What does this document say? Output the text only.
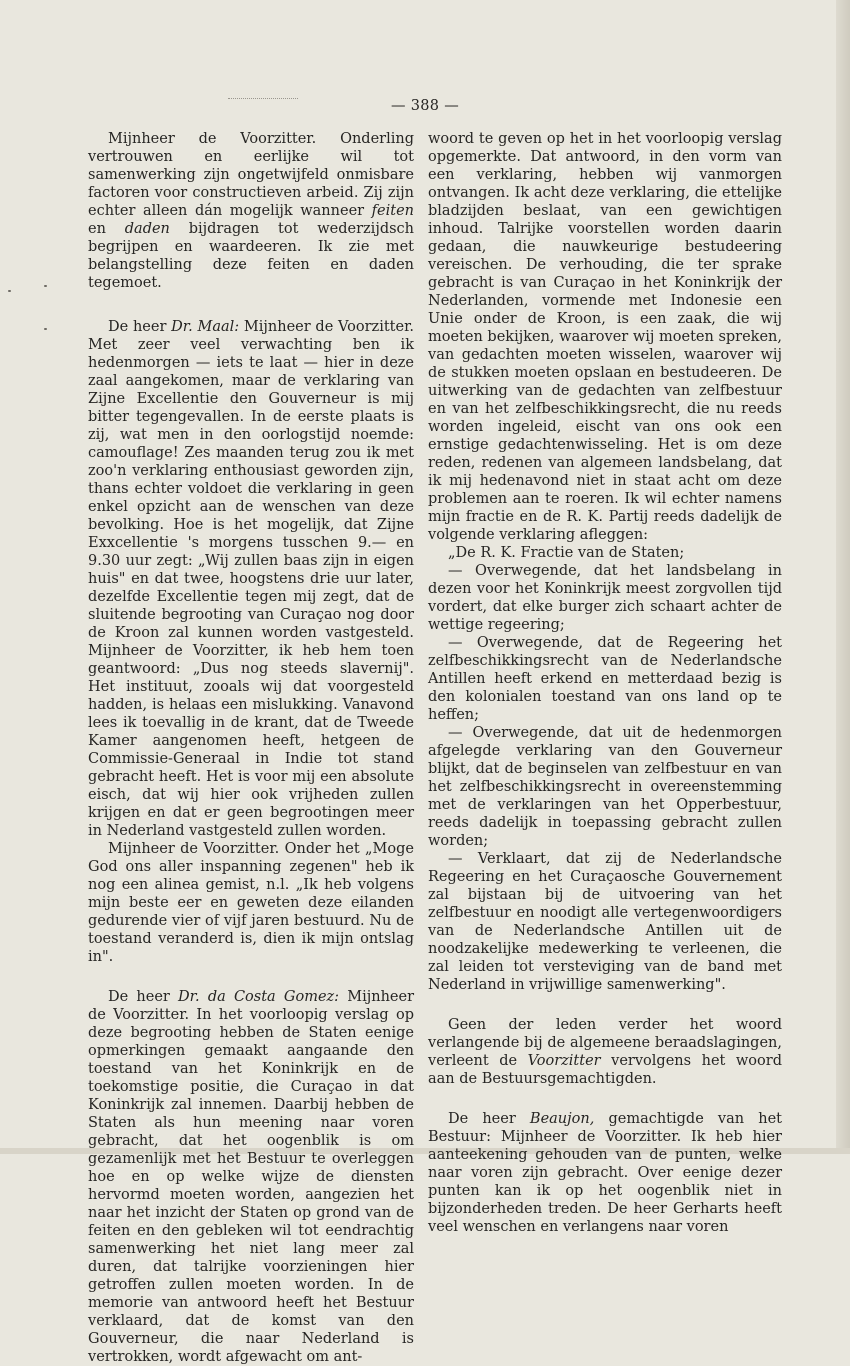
— 388 —

Mijnheer de Voorzitter. Onderling vertrouwen en eerlijke wil tot samenwerking zijn ongetwijfeld onmisbare factoren voor constructieven arbeid. Zij zijn echter alleen dán mogelijk wanneer feiten en daden bijdragen tot wederzijdsch begrijpen en waardeeren. Ik zie met belangstelling deze feiten en daden tegemoet.

De heer Dr. Maal: Mijnheer de Voorzitter. Met zeer veel verwachting ben ik hedenmorgen — iets te laat — hier in deze zaal aangekomen, maar de verklaring van Zijne Excellentie den Gouverneur is mij bitter tegengevallen. In de eerste plaats is zij, wat men in den oorlogstijd noemde: camouflage! Zes maanden terug zou ik met zoo'n verklaring enthousiast geworden zijn, thans echter voldoet die verklaring in geen enkel opzicht aan de wenschen van deze bevolking. Hoe is het mogelijk, dat Zijne Exxcellentie 's morgens tusschen 9.— en 9.30 uur zegt: „Wij zullen baas zijn in eigen huis" en dat twee, hoogstens drie uur later, dezelfde Excellentie tegen mij zegt, dat de sluitende begrooting van Curaçao nog door de Kroon zal kunnen worden vastgesteld. Mijnheer de Voorzitter, ik heb hem toen geantwoord: „Dus nog steeds slavernij". Het instituut, zooals wij dat voorgesteld hadden, is helaas een mislukking. Vanavond lees ik toevallig in de krant, dat de Tweede Kamer aangenomen heeft, hetgeen de Commissie-Generaal in Indie tot stand gebracht heeft. Het is voor mij een absolute eisch, dat wij hier ook vrijheden zullen krijgen en dat er geen begrootingen meer in Nederland vastgesteld zullen worden.

Mijnheer de Voorzitter. Onder het „Moge God ons aller inspanning zegenen" heb ik nog een alinea gemist, n.l. „Ik heb volgens mijn beste eer en geweten deze eilanden gedurende vier of vijf jaren bestuurd. Nu de toestand veranderd is, dien ik mijn ontslag in".

De heer Dr. da Costa Gomez: Mijnheer de Voorzitter. In het voorloopig verslag op deze begrooting hebben de Staten eenige opmerkingen gemaakt aangaande den toestand van het Koninkrijk en de toekomstige positie, die Curaçao in dat Koninkrijk zal innemen. Daarbij hebben de Staten als hun meening naar voren gebracht, dat het oogenblik is om gezamenlijk met het Bestuur te overleggen hoe en op welke wijze de diensten hervormd moeten worden, aangezien het naar het inzicht der Staten op grond van de feiten en den gebleken wil tot eendrachtig samenwerking het niet lang meer zal duren, dat talrijke voorzieningen hier getroffen zullen moeten worden. In de memorie van antwoord heeft het Bestuur verklaard, dat de komst van den Gouverneur, die naar Nederland is vertrokken, wordt afgewacht om ant-

woord te geven op het in het voorloopig verslag opgemerkte. Dat antwoord, in den vorm van een verklaring, hebben wij vanmorgen ontvangen. Ik acht deze verklaring, die ettelijke bladzijden beslaat, van een gewichtigen inhoud. Talrijke voorstellen worden daarin gedaan, die nauwkeurige bestudeering vereischen. De verhouding, die ter sprake gebracht is van Curaçao in het Koninkrijk der Nederlanden, vormende met Indonesie een Unie onder de Kroon, is een zaak, die wij moeten bekijken, waarover wij moeten spreken, van gedachten moeten wisselen, waarover wij de stukken moeten opslaan en bestudeeren. De uitwerking van de gedachten van zelfbestuur en van het zelfbeschikkingsrecht, die nu reeds worden ingeleid, eischt van ons ook een ernstige gedachtenwisseling. Het is om deze reden, redenen van algemeen landsbelang, dat ik mij hedenavond niet in staat acht om deze problemen aan te roeren. Ik wil echter namens mijn fractie en de R. K. Partij reeds dadelijk de volgende verklaring afleggen:

„De R. K. Fractie van de Staten;

— Overwegende, dat het landsbelang in dezen voor het Koninkrijk meest zorgvollen tijd vordert, dat elke burger zich schaart achter de wettige regeering;

— Overwegende, dat de Regeering het zelfbeschikkingsrecht van de Nederlandsche Antillen heeft erkend en metterdaad bezig is den kolonialen toestand van ons land op te heffen;

— Overwegende, dat uit de hedenmorgen afgelegde verklaring van den Gouverneur blijkt, dat de beginselen van zelfbestuur en van het zelfbeschikkingsrecht in overeenstemming met de verklaringen van het Opperbestuur, reeds dadelijk in toepassing gebracht zullen worden;

— Verklaart, dat zij de Nederlandsche Regeering en het Curaçaosche Gouvernement zal bijstaan bij de uitvoering van het zelfbestuur en noodigt alle vertegenwoordigers van de Nederlandsche Antillen uit de noodzakelijke medewerking te verleenen, die zal leiden tot versteviging van de band met Nederland in vrijwillige samenwerking".

Geen der leden verder het woord verlangende bij de algemeene beraadslagingen, verleent de Voorzitter vervolgens het woord aan de Bestuursgemachtigden.

De heer Beaujon, gemachtigde van het Bestuur: Mijnheer de Voorzitter. Ik heb hier aanteekening gehouden van de punten, welke naar voren zijn gebracht. Over eenige dezer punten kan ik op het oogenblik niet in bijzonderheden treden. De heer Gerharts heeft veel wenschen en verlangens naar voren
